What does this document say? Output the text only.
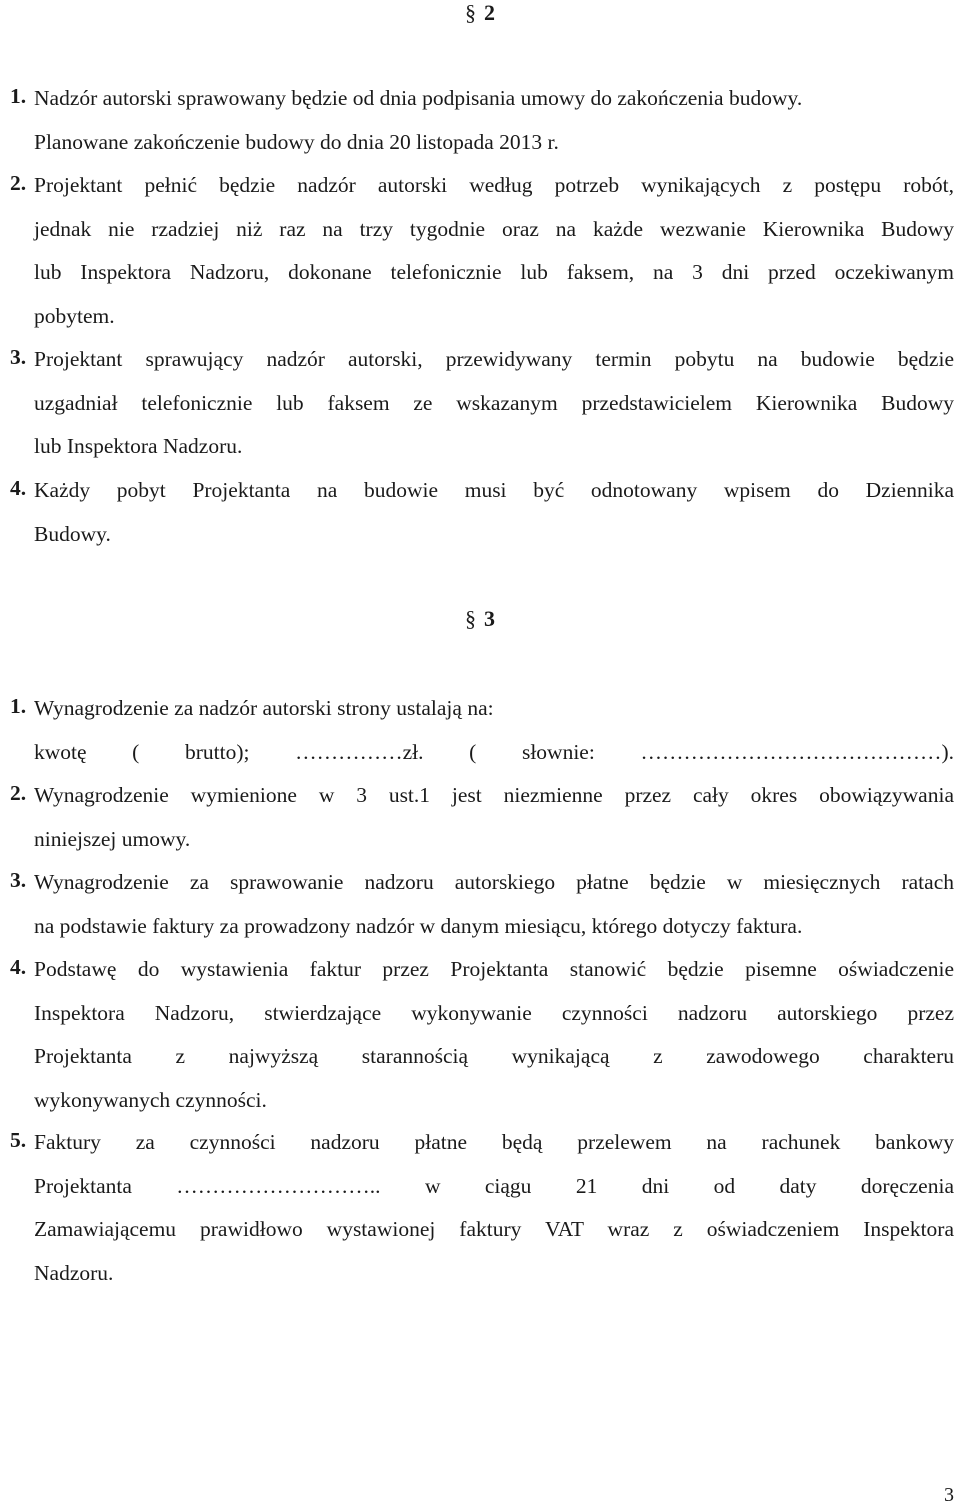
§ 2
1. Nadzór autorski sprawowany będzie od dnia podpisania umowy do zakończenia budowy.
Planowane zakończenie budowy do dnia 20 listopada 2013 r.
2. Projektant pełnić będzie nadzór autorski według potrzeb wynikających z postępu robót,
jednak nie rzadziej niż raz na trzy tygodnie oraz na każde wezwanie Kierownika Budowy
lub Inspektora Nadzoru, dokonane telefonicznie lub faksem, na 3 dni przed oczekiwanym
pobytem.
3. Projektant sprawujący nadzór autorski, przewidywany termin pobytu na budowie będzie
uzgadniał telefonicznie lub faksem ze wskazanym przedstawicielem Kierownika Budowy
lub Inspektora Nadzoru.
4. Każdy pobyt Projektanta na budowie musi być odnotowany wpisem do Dziennika
Budowy.
§ 3
1. Wynagrodzenie za nadzór autorski strony ustalają na:
kwotę ( brutto); ……………zł. ( słownie: ……………………………………).
2. Wynagrodzenie wymienione w 3 ust.1 jest niezmienne przez cały okres obowiązywania
niniejszej umowy.
3. Wynagrodzenie za sprawowanie nadzoru autorskiego płatne będzie w miesięcznych ratach
na podstawie faktury za prowadzony nadzór w danym miesiącu, którego dotyczy faktura.
4. Podstawę do wystawienia faktur przez Projektanta stanowić będzie pisemne oświadczenie
Inspektora Nadzoru, stwierdzające wykonywanie czynności nadzoru autorskiego przez
Projektanta z najwyższą starannością wynikającą z zawodowego charakteru
wykonywanych czynności.
5. Faktury za czynności nadzoru płatne będą przelewem na rachunek bankowy
Projektanta ……………………….. w ciągu 21 dni od daty doręczenia
Zamawiającemu prawidłowo wystawionej faktury VAT wraz z oświadczeniem Inspektora
Nadzoru.
3
